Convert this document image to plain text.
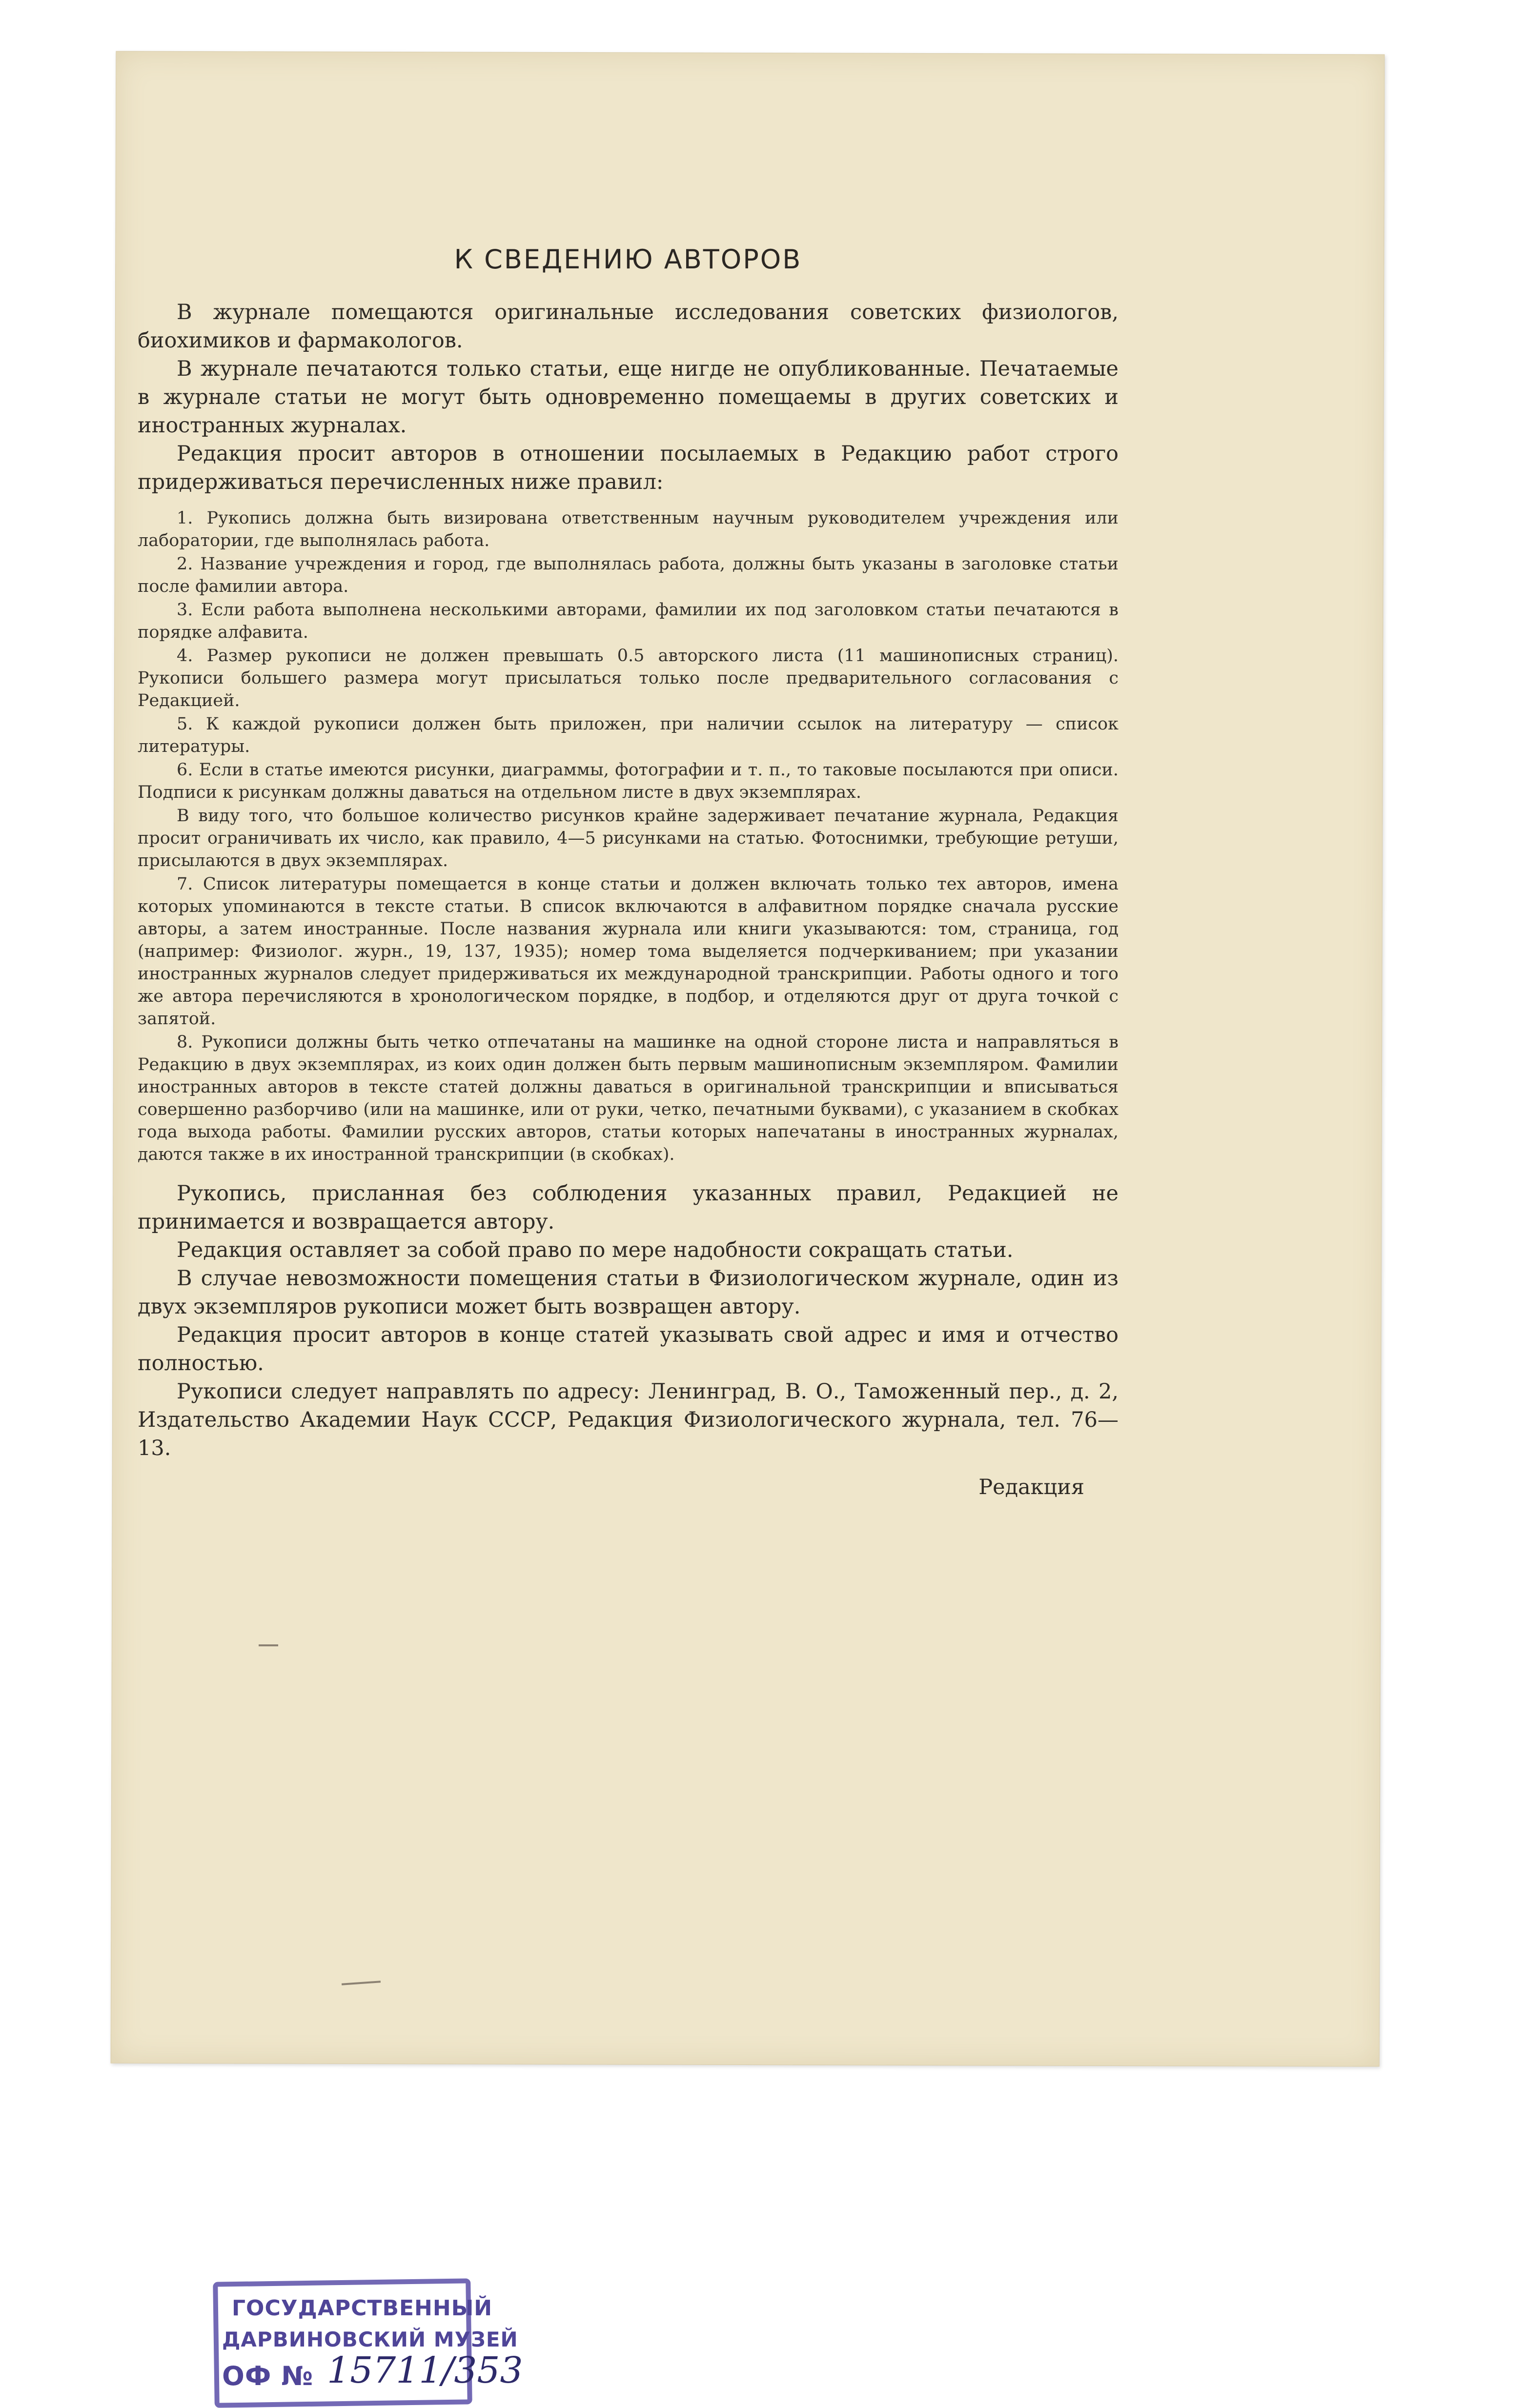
К СВЕДЕНИЮ АВТОРОВ

В журнале помещаются оригинальные исследования советских физиологов, биохимиков и фармакологов.

В журнале печатаются только статьи, еще нигде не опубликованные. Печатаемые в журнале статьи не могут быть одновременно помещаемы в других советских и иностранных журналах.

Редакция просит авторов в отношении посылаемых в Редакцию работ строго придерживаться перечисленных ниже правил:

1. Рукопись должна быть визирована ответственным научным руководителем учреждения или лаборатории, где выполнялась работа.

2. Название учреждения и город, где выполнялась работа, должны быть указаны в заголовке статьи после фамилии автора.

3. Если работа выполнена несколькими авторами, фамилии их под заголовком статьи печатаются в порядке алфавита.

4. Размер рукописи не должен превышать 0.5 авторского листа (11 машинописных страниц). Рукописи большего размера могут присылаться только после предварительного согласования с Редакцией.

5. К каждой рукописи должен быть приложен, при наличии ссылок на литературу — список литературы.

6. Если в статье имеются рисунки, диаграммы, фотографии и т. п., то таковые посылаются при описи. Подписи к рисункам должны даваться на отдельном листе в двух экземплярах.

В виду того, что большое количество рисунков крайне задерживает печатание журнала, Редакция просит ограничивать их число, как правило, 4—5 рисунками на статью. Фотоснимки, требующие ретуши, присылаются в двух экземплярах.

7. Список литературы помещается в конце статьи и должен включать только тех авторов, имена которых упоминаются в тексте статьи. В список включаются в алфавитном порядке сначала русские авторы, а затем иностранные. После названия журнала или книги указываются: том, страница, год (например: Физиолог. журн., 19, 137, 1935); номер тома выделяется подчеркиванием; при указании иностранных журналов следует придерживаться их международной транскрипции. Работы одного и того же автора перечисляются в хронологическом порядке, в подбор, и отделяются друг от друга точкой с запятой.

8. Рукописи должны быть четко отпечатаны на машинке на одной стороне листа и направляться в Редакцию в двух экземплярах, из коих один должен быть первым машинописным экземпляром. Фамилии иностранных авторов в тексте статей должны даваться в оригинальной транскрипции и вписываться совершенно разборчиво (или на машинке, или от руки, четко, печатными буквами), с указанием в скобках года выхода работы. Фамилии русских авторов, статьи которых напечатаны в иностранных журналах, даются также в их иностранной транскрипции (в скобках).

Рукопись, присланная без соблюдения указанных правил, Редакцией не принимается и возвращается автору.

Редакция оставляет за собой право по мере надобности сокращать статьи.

В случае невозможности помещения статьи в Физиологическом журнале, один из двух экземпляров рукописи может быть возвращен автору.

Редакция просит авторов в конце статей указывать свой адрес и имя и отчество полностью.

Рукописи следует направлять по адресу: Ленинград, В. О., Таможенный пер., д. 2, Издательство Академии Наук СССР, Редакция Физиологического журнала, тел. 76—13.

Редакция
ГОСУДАРСТВЕННЫЙ
ДАРВИНОВСКИЙ МУЗЕЙ
ОФ № 15711/353
